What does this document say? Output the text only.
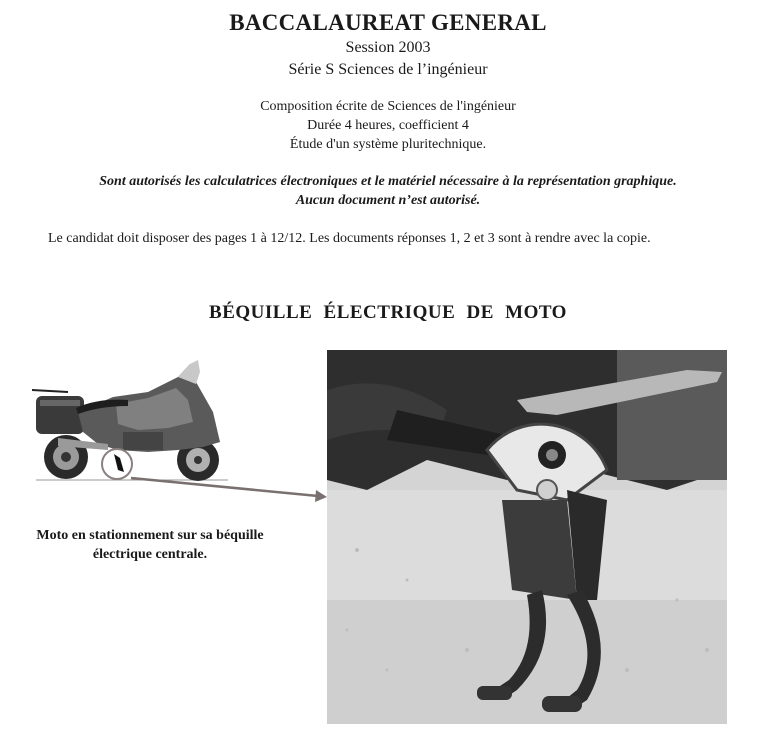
BACCALAUREAT GENERAL
Session 2003
Série S Sciences de l’ingénieur
Composition écrite de Sciences de l'ingénieur
Durée 4 heures, coefficient 4
Étude d'un système pluritechnique.
Sont autorisés les calculatrices électroniques et le matériel nécessaire à la représentation graphique.
Aucun document n’est autorisé.
Le candidat doit disposer des pages 1 à 12/12. Les documents réponses 1, 2 et 3 sont à rendre avec la copie.
BÉQUILLE ÉLECTRIQUE DE MOTO
Moto en stationnement sur sa béquille électrique centrale.
